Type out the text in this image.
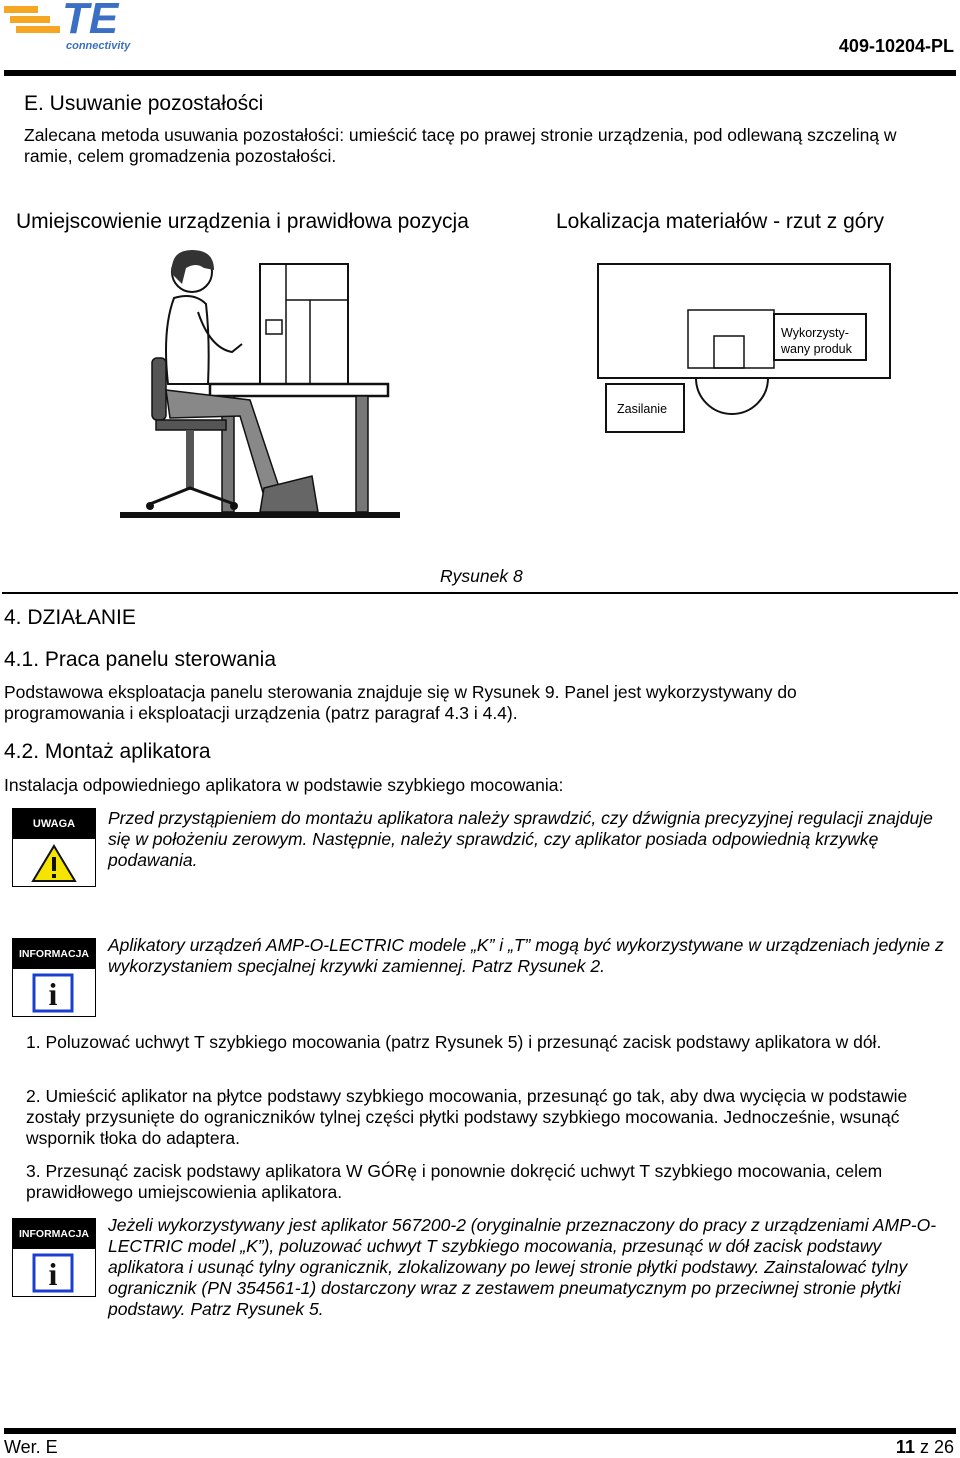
TE
connectivity	409-10204-PL
E. Usuwanie pozostałości
Zalecana metoda usuwania pozostałości: umieścić tacę po prawej stronie urządzenia, pod odlewaną szczeliną w ramie, celem gromadzenia pozostałości.
Umiejscowienie urządzenia i prawidłowa pozycja	Lokalizacja materiałów - rzut z góry
Wykorzysty-
wany produk
Zasilanie
Rysunek 8
4. DZIAŁANIE
4.1. Praca panelu sterowania
Podstawowa eksploatacja panelu sterowania znajduje się w Rysunek 9. Panel jest wykorzystywany do programowania i eksploatacji urządzenia (patrz paragraf 4.3 i 4.4).
4.2. Montaż aplikatora
Instalacja odpowiedniego aplikatora w podstawie szybkiego mocowania:
UWAGA	Przed przystąpieniem do montażu aplikatora należy sprawdzić, czy dźwignia precyzyjnej regulacji znajduje się w położeniu zerowym. Następnie, należy sprawdzić, czy aplikator posiada odpowiednią krzywkę podawania.
INFORMACJA
i
Aplikatory urządzeń AMP-O-LECTRIC modele „K” i „T” mogą być wykorzystywane w urządzeniach jedynie z wykorzystaniem specjalnej krzywki zamiennej. Patrz Rysunek 2.
1. Poluzować uchwyt T szybkiego mocowania (patrz Rysunek 5) i przesunąć zacisk podstawy aplikatora w dół.
2. Umieścić aplikator na płytce podstawy szybkiego mocowania, przesunąć go tak, aby dwa wycięcia w podstawie zostały przysunięte do ograniczników tylnej części płytki podstawy szybkiego mocowania. Jednocześnie, wsunąć wspornik tłoka do adaptera.
3. Przesunąć zacisk podstawy aplikatora W GÓRę i ponownie dokręcić uchwyt T szybkiego mocowania, celem prawidłowego umiejscowienia aplikatora.
INFORMACJA
i
Jeżeli wykorzystywany jest aplikator 567200-2 (oryginalnie przeznaczony do pracy z urządzeniami AMP-O-LECTRIC model „K”), poluzować uchwyt T szybkiego mocowania, przesunąć w dół zacisk podstawy aplikatora i usunąć tylny ogranicznik, zlokalizowany po lewej stronie płytki podstawy. Zainstalować tylny ogranicznik (PN 354561-1) dostarczony wraz z zestawem pneumatycznym po przeciwnej stronie płytki podstawy. Patrz Rysunek 5.
Wer. E	11 z 26
